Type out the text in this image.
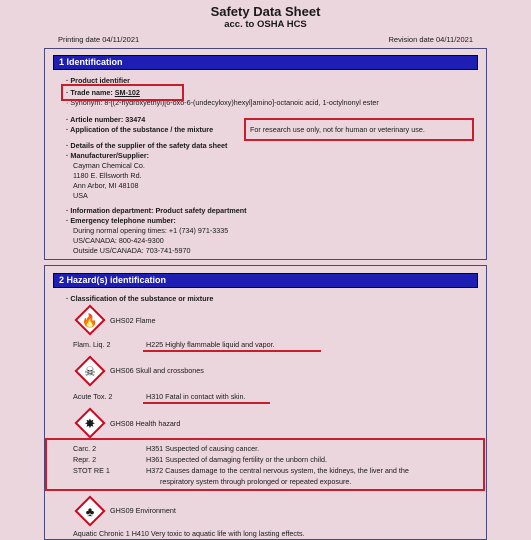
Safety Data Sheet
acc. to OSHA HCS
Printing date 04/11/2021	Revision date 04/11/2021
1 Identification
· Product identifier
· Trade name: SM-102
· Synonym: 8-[(2-hydroxyethyl)[6-oxo-6-(undecyloxy)hexyl]amino]-octanoic acid, 1-octylnonyl ester
· Article number: 33474
· Application of the substance / the mixture	For research use only, not for human or veterinary use.
· Details of the supplier of the safety data sheet
· Manufacturer/Supplier:
Cayman Chemical Co.
1180 E. Ellsworth Rd.
Ann Arbor, MI 48108
USA
· Information department: Product safety department
· Emergency telephone number:
During normal opening times: +1 (734) 971-3335
US/CANADA: 800-424-9300
Outside US/CANADA: 703-741-5970
2 Hazard(s) identification
· Classification of the substance or mixture
🔥	GHS02 Flame
Flam. Liq. 2	H225 Highly flammable liquid and vapor.
☠	GHS06 Skull and crossbones
Acute Tox. 2	H310 Fatal in contact with skin.
✸	GHS08 Health hazard
Carc. 2	H351 Suspected of causing cancer.
Repr. 2	H361 Suspected of damaging fertility or the unborn child.
STOT RE 1	H372 Causes damage to the central nervous system, the kidneys, the liver and the
respiratory system through prolonged or repeated exposure.
♣	GHS09 Environment
Aquatic Chronic 1 H410 Very toxic to aquatic life with long lasting effects.
